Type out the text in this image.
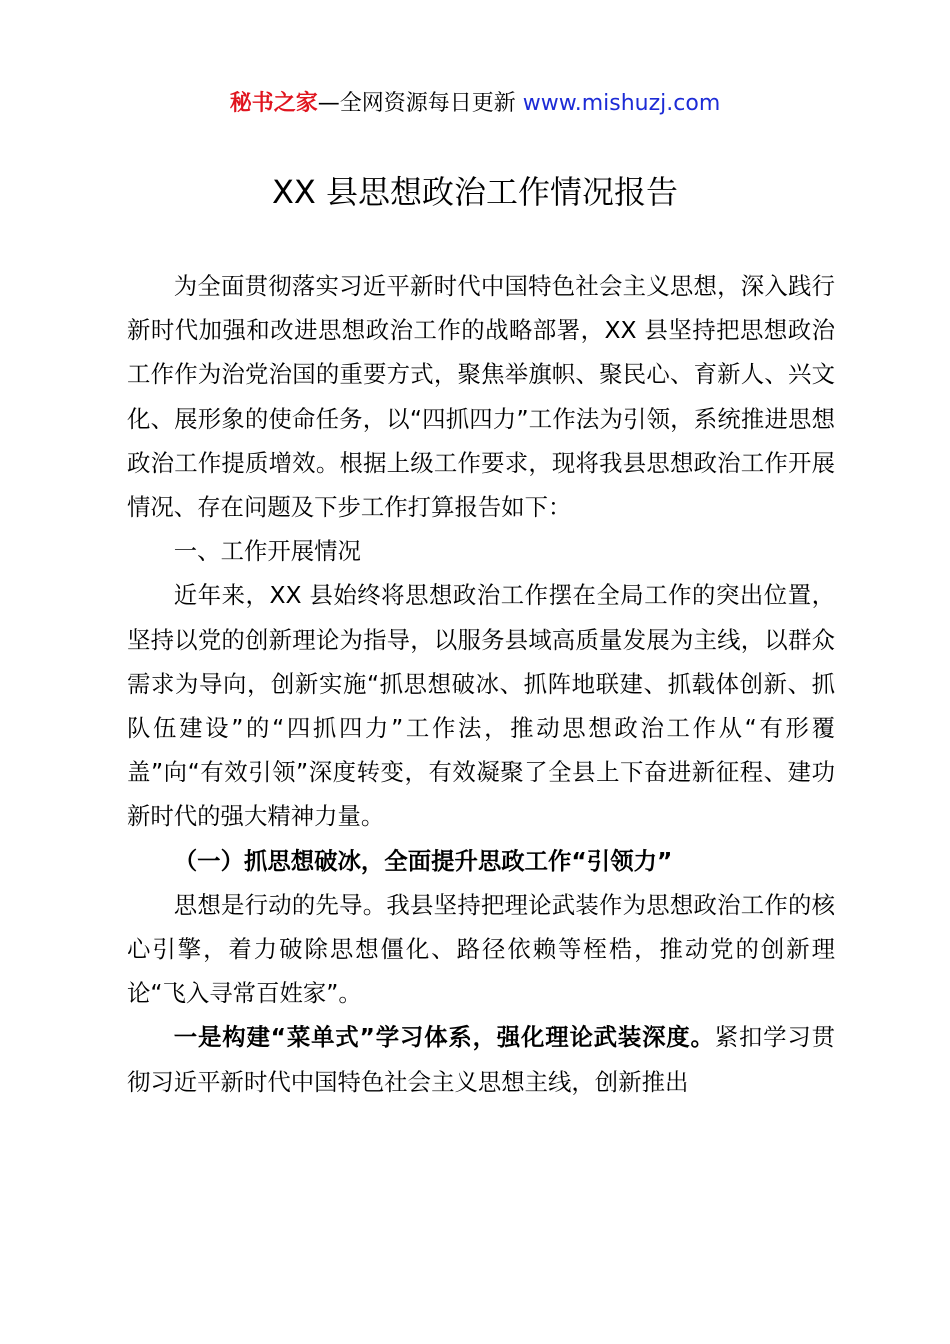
秘书之家—全网资源每日更新 www.mishuzj.com
XX 县思想政治工作情况报告

为全面贯彻落实习近平新时代中国特色社会主义思想，深入践行新时代加强和改进思想政治工作的战略部署，XX 县坚持把思想政治工作作为治党治国的重要方式，聚焦举旗帜、聚民心、育新人、兴文化、展形象的使命任务，以“四抓四力”工作法为引领，系统推进思想政治工作提质增效。根据上级工作要求，现将我县思想政治工作开展情况、存在问题及下步工作打算报告如下：

一、工作开展情况

近年来，XX 县始终将思想政治工作摆在全局工作的突出位置，坚持以党的创新理论为指导，以服务县域高质量发展为主线，以群众需求为导向，创新实施“抓思想破冰、抓阵地联建、抓载体创新、抓队伍建设”的“四抓四力”工作法，推动思想政治工作从“有形覆盖”向“有效引领”深度转变，有效凝聚了全县上下奋进新征程、建功新时代的强大精神力量。

（一）抓思想破冰，全面提升思政工作“引领力”

思想是行动的先导。我县坚持把理论武装作为思想政治工作的核心引擎，着力破除思想僵化、路径依赖等桎梏，推动党的创新理论“飞入寻常百姓家”。

一是构建“菜单式”学习体系，强化理论武装深度。紧扣学习贯彻习近平新时代中国特色社会主义思想主线，创新推出
